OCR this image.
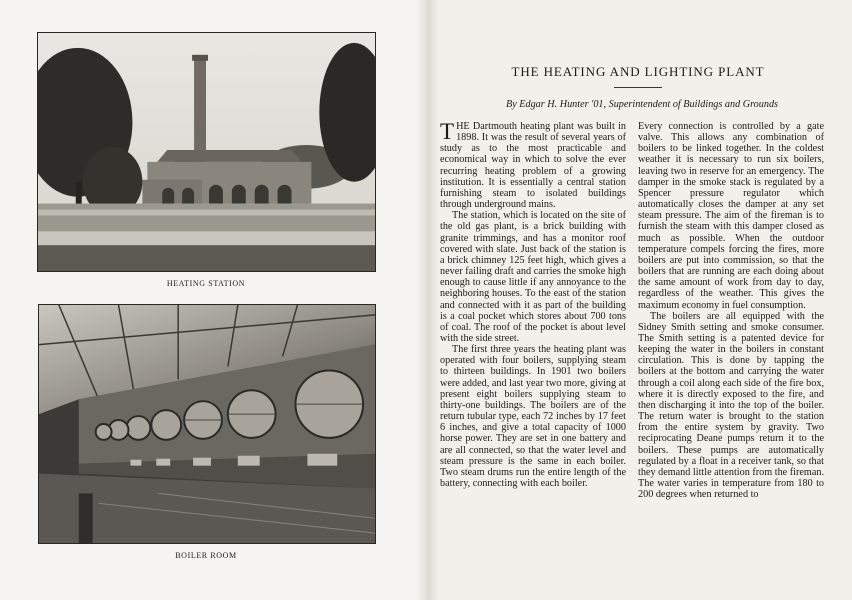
HEATING STATION
BOILER ROOM
THE HEATING AND LIGHTING PLANT
By Edgar H. Hunter '01, Superintendent of Buildings and Grounds

THE Dartmouth heating plant was built in 1898. It was the result of several years of study as to the most practicable and economical way in which to solve the ever recurring heating problem of a growing institution. It is essentially a central station furnishing steam to isolated buildings through underground mains.

The station, which is located on the site of the old gas plant, is a brick building with granite trimmings, and has a monitor roof covered with slate. Just back of the station is a brick chimney 125 feet high, which gives a never failing draft and carries the smoke high enough to cause little if any annoyance to the neighboring houses. To the east of the station and connected with it as part of the building is a coal pocket which stores about 700 tons of coal. The roof of the pocket is about level with the side street.

The first three years the heating plant was operated with four boilers, supplying steam to thirteen buildings. In 1901 two boilers were added, and last year two more, giving at present eight boilers supplying steam to thirty-one buildings. The boilers are of the return tubular type, each 72 inches by 17 feet 6 inches, and give a total capacity of 1000 horse power. They are set in one battery and are all connected, so that the water level and steam pressure is the same in each boiler. Two steam drums run the entire length of the battery, connecting with each boiler.

Every connection is controlled by a gate valve. This allows any combination of boilers to be linked together. In the coldest weather it is necessary to run six boilers, leaving two in reserve for an emergency. The damper in the smoke stack is regulated by a Spencer pressure regulator which automatically closes the damper at any set steam pressure. The aim of the fireman is to furnish the steam with this damper closed as much as possible. When the outdoor temperature compels forcing the fires, more boilers are put into commission, so that the boilers that are running are each doing about the same amount of work from day to day, regardless of the weather. This gives the maximum economy in fuel consumption.

The boilers are all equipped with the Sidney Smith setting and smoke consumer. The Smith setting is a patented device for keeping the water in the boilers in constant circulation. This is done by tapping the boilers at the bottom and carrying the water through a coil along each side of the fire box, where it is directly exposed to the fire, and then discharging it into the top of the boiler. The return water is brought to the station from the entire system by gravity. Two reciprocating Deane pumps return it to the boilers. These pumps are automatically regulated by a float in a receiver tank, so that they demand little attention from the fireman. The water varies in temperature from 180 to 200 degrees when returned to
